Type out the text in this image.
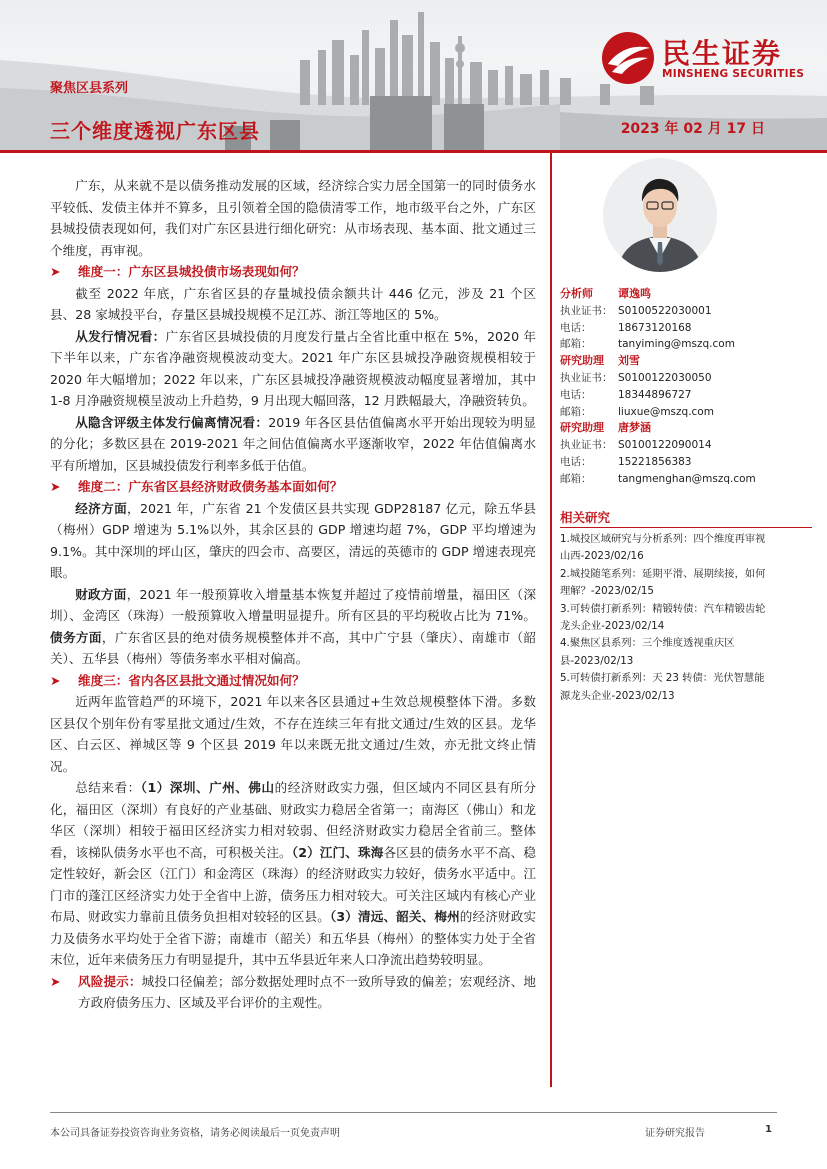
聚焦区县系列
三个维度透视广东区县	2023 年 02 月 17 日
民生证券
MINSHENG SECURITIES

广东，从来就不是以债务推动发展的区域，经济综合实力居全国第一的同时债务水平较低、发债主体并不算多，且引领着全国的隐债清零工作，地市级平台之外，广东区县城投债表现如何，我们对广东区县进行细化研究：从市场表现、基本面、批文通过三个维度，再审视。

➤ 维度一：广东区县城投债市场表现如何？

截至 2022 年底，广东省区县的存量城投债余额共计 446 亿元，涉及 21 个区县、28 家城投平台，存量区县城投规模不足江苏、浙江等地区的 5%。

从发行情况看：广东省区县城投债的月度发行量占全省比重中枢在 5%，2020 年下半年以来，广东省净融资规模波动变大。2021 年广东区县城投净融资规模相较于 2020 年大幅增加；2022 年以来，广东区县城投净融资规模波动幅度显著增加，其中 1-8 月净融资规模呈波动上升趋势，9 月出现大幅回落，12 月跌幅最大，净融资转负。

从隐含评级主体发行偏离情况看：2019 年各区县估值偏离水平开始出现较为明显的分化；多数区县在 2019-2021 年之间估值偏离水平逐渐收窄，2022 年估值偏离水平有所增加，区县城投债发行利率多低于估值。

➤ 维度二：广东省区县经济财政债务基本面如何？

经济方面，2021 年，广东省 21 个发债区县共实现 GDP28187 亿元，除五华县（梅州）GDP 增速为 5.1%以外，其余区县的 GDP 增速均超 7%，GDP 平均增速为 9.1%。其中深圳的坪山区，肇庆的四会市、高要区，清远的英德市的 GDP 增速表现亮眼。

财政方面，2021 年一般预算收入增量基本恢复并超过了疫情前增量，福田区（深圳）、金湾区（珠海）一般预算收入增量明显提升。所有区县的平均税收占比为 71%。债务方面，广东省区县的绝对债务规模整体并不高，其中广宁县（肇庆）、南雄市（韶关）、五华县（梅州）等债务率水平相对偏高。

➤ 维度三：省内各区县批文通过情况如何？

近两年监管趋严的环境下，2021 年以来各区县通过+生效总规模整体下滑。多数区县仅个别年份有零星批文通过/生效，不存在连续三年有批文通过/生效的区县。龙华区、白云区、禅城区等 9 个区县 2019 年以来既无批文通过/生效，亦无批文终止情况。

总结来看：（1）深圳、广州、佛山的经济财政实力强，但区域内不同区县有所分化，福田区（深圳）有良好的产业基础、财政实力稳居全省第一；南海区（佛山）和龙华区（深圳）相较于福田区经济实力相对较弱、但经济财政实力稳居全省前三。整体看，该梯队债务水平也不高，可积极关注。（2）江门、珠海各区县的债务水平不高、稳定性较好，新会区（江门）和金湾区（珠海）的经济财政实力较好，债务水平适中。江门市的蓬江区经济实力处于全省中上游，债务压力相对较大。可关注区域内有核心产业布局、财政实力靠前且债务负担相对较轻的区县。（3）清远、韶关、梅州的经济财政实力及债务水平均处于全省下游；南雄市（韶关）和五华县（梅州）的整体实力处于全省末位，近年来债务压力有明显提升，其中五华县近年来人口净流出趋势较明显。

➤ 风险提示：城投口径偏差；部分数据处理时点不一致所导致的偏差；宏观经济、地方政府债务压力、区域及平台评价的主观性。

分析师	谭逸鸣
执业证书： S0100522030001
电话：	18673120168
邮箱：	tanyiming@mszq.com
研究助理	刘雪
执业证书： S0100122030050
电话：	18344896727
邮箱：	liuxue@mszq.com
研究助理	唐梦涵
执业证书： S0100122090014
电话：	15221856383
邮箱：	tangmenghan@mszq.com
相关研究
1.城投区域研究与分析系列：四个维度再审视山西-2023/02/16
2.城投随笔系列：延期平滑、展期续接，如何理解？-2023/02/15
3.可转债打新系列：精锻转债：汽车精锻齿轮龙头企业-2023/02/14
4.聚焦区县系列：三个维度透视重庆区县-2023/02/13
5.可转债打新系列：天 23 转债：光伏智慧能源龙头企业-2023/02/13
本公司具备证券投资咨询业务资格，请务必阅读最后一页免责声明	证券研究报告	1
